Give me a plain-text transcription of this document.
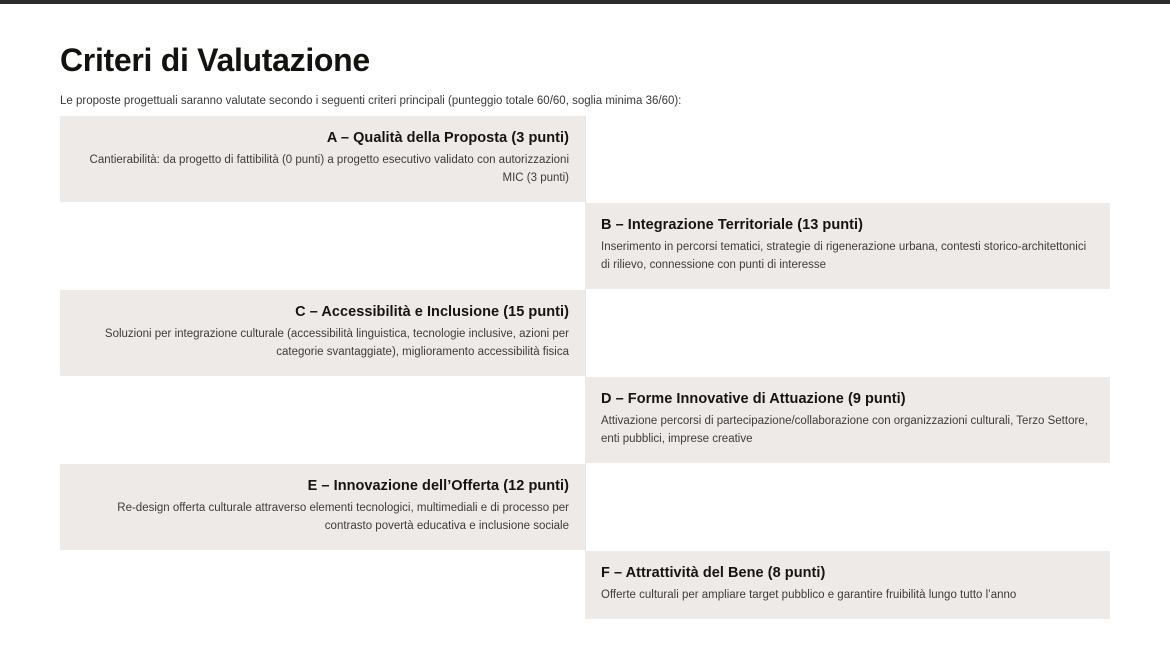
Criteri di Valutazione

Le proposte progettuali saranno valutate secondo i seguenti criteri principali (punteggio totale 60/60, soglia minima 36/60):

A – Qualità della Proposta (3 punti)
Cantierabilità: da progetto di fattibilità (0 punti) a progetto esecutivo validato con autorizzazioni MIC (3 punti)
B – Integrazione Territoriale (13 punti)
Inserimento in percorsi tematici, strategie di rigenerazione urbana, contesti storico-architettonici di rilievo, connessione con punti di interesse
C – Accessibilità e Inclusione (15 punti)
Soluzioni per integrazione culturale (accessibilità linguistica, tecnologie inclusive, azioni per categorie svantaggiate), miglioramento accessibilità fisica
D – Forme Innovative di Attuazione (9 punti)
Attivazione percorsi di partecipazione/collaborazione con organizzazioni culturali, Terzo Settore, enti pubblici, imprese creative
E – Innovazione dell’Offerta (12 punti)
Re-design offerta culturale attraverso elementi tecnologici, multimediali e di processo per contrasto povertà educativa e inclusione sociale
F – Attrattività del Bene (8 punti)
Offerte culturali per ampliare target pubblico e garantire fruibilità lungo tutto l’anno
